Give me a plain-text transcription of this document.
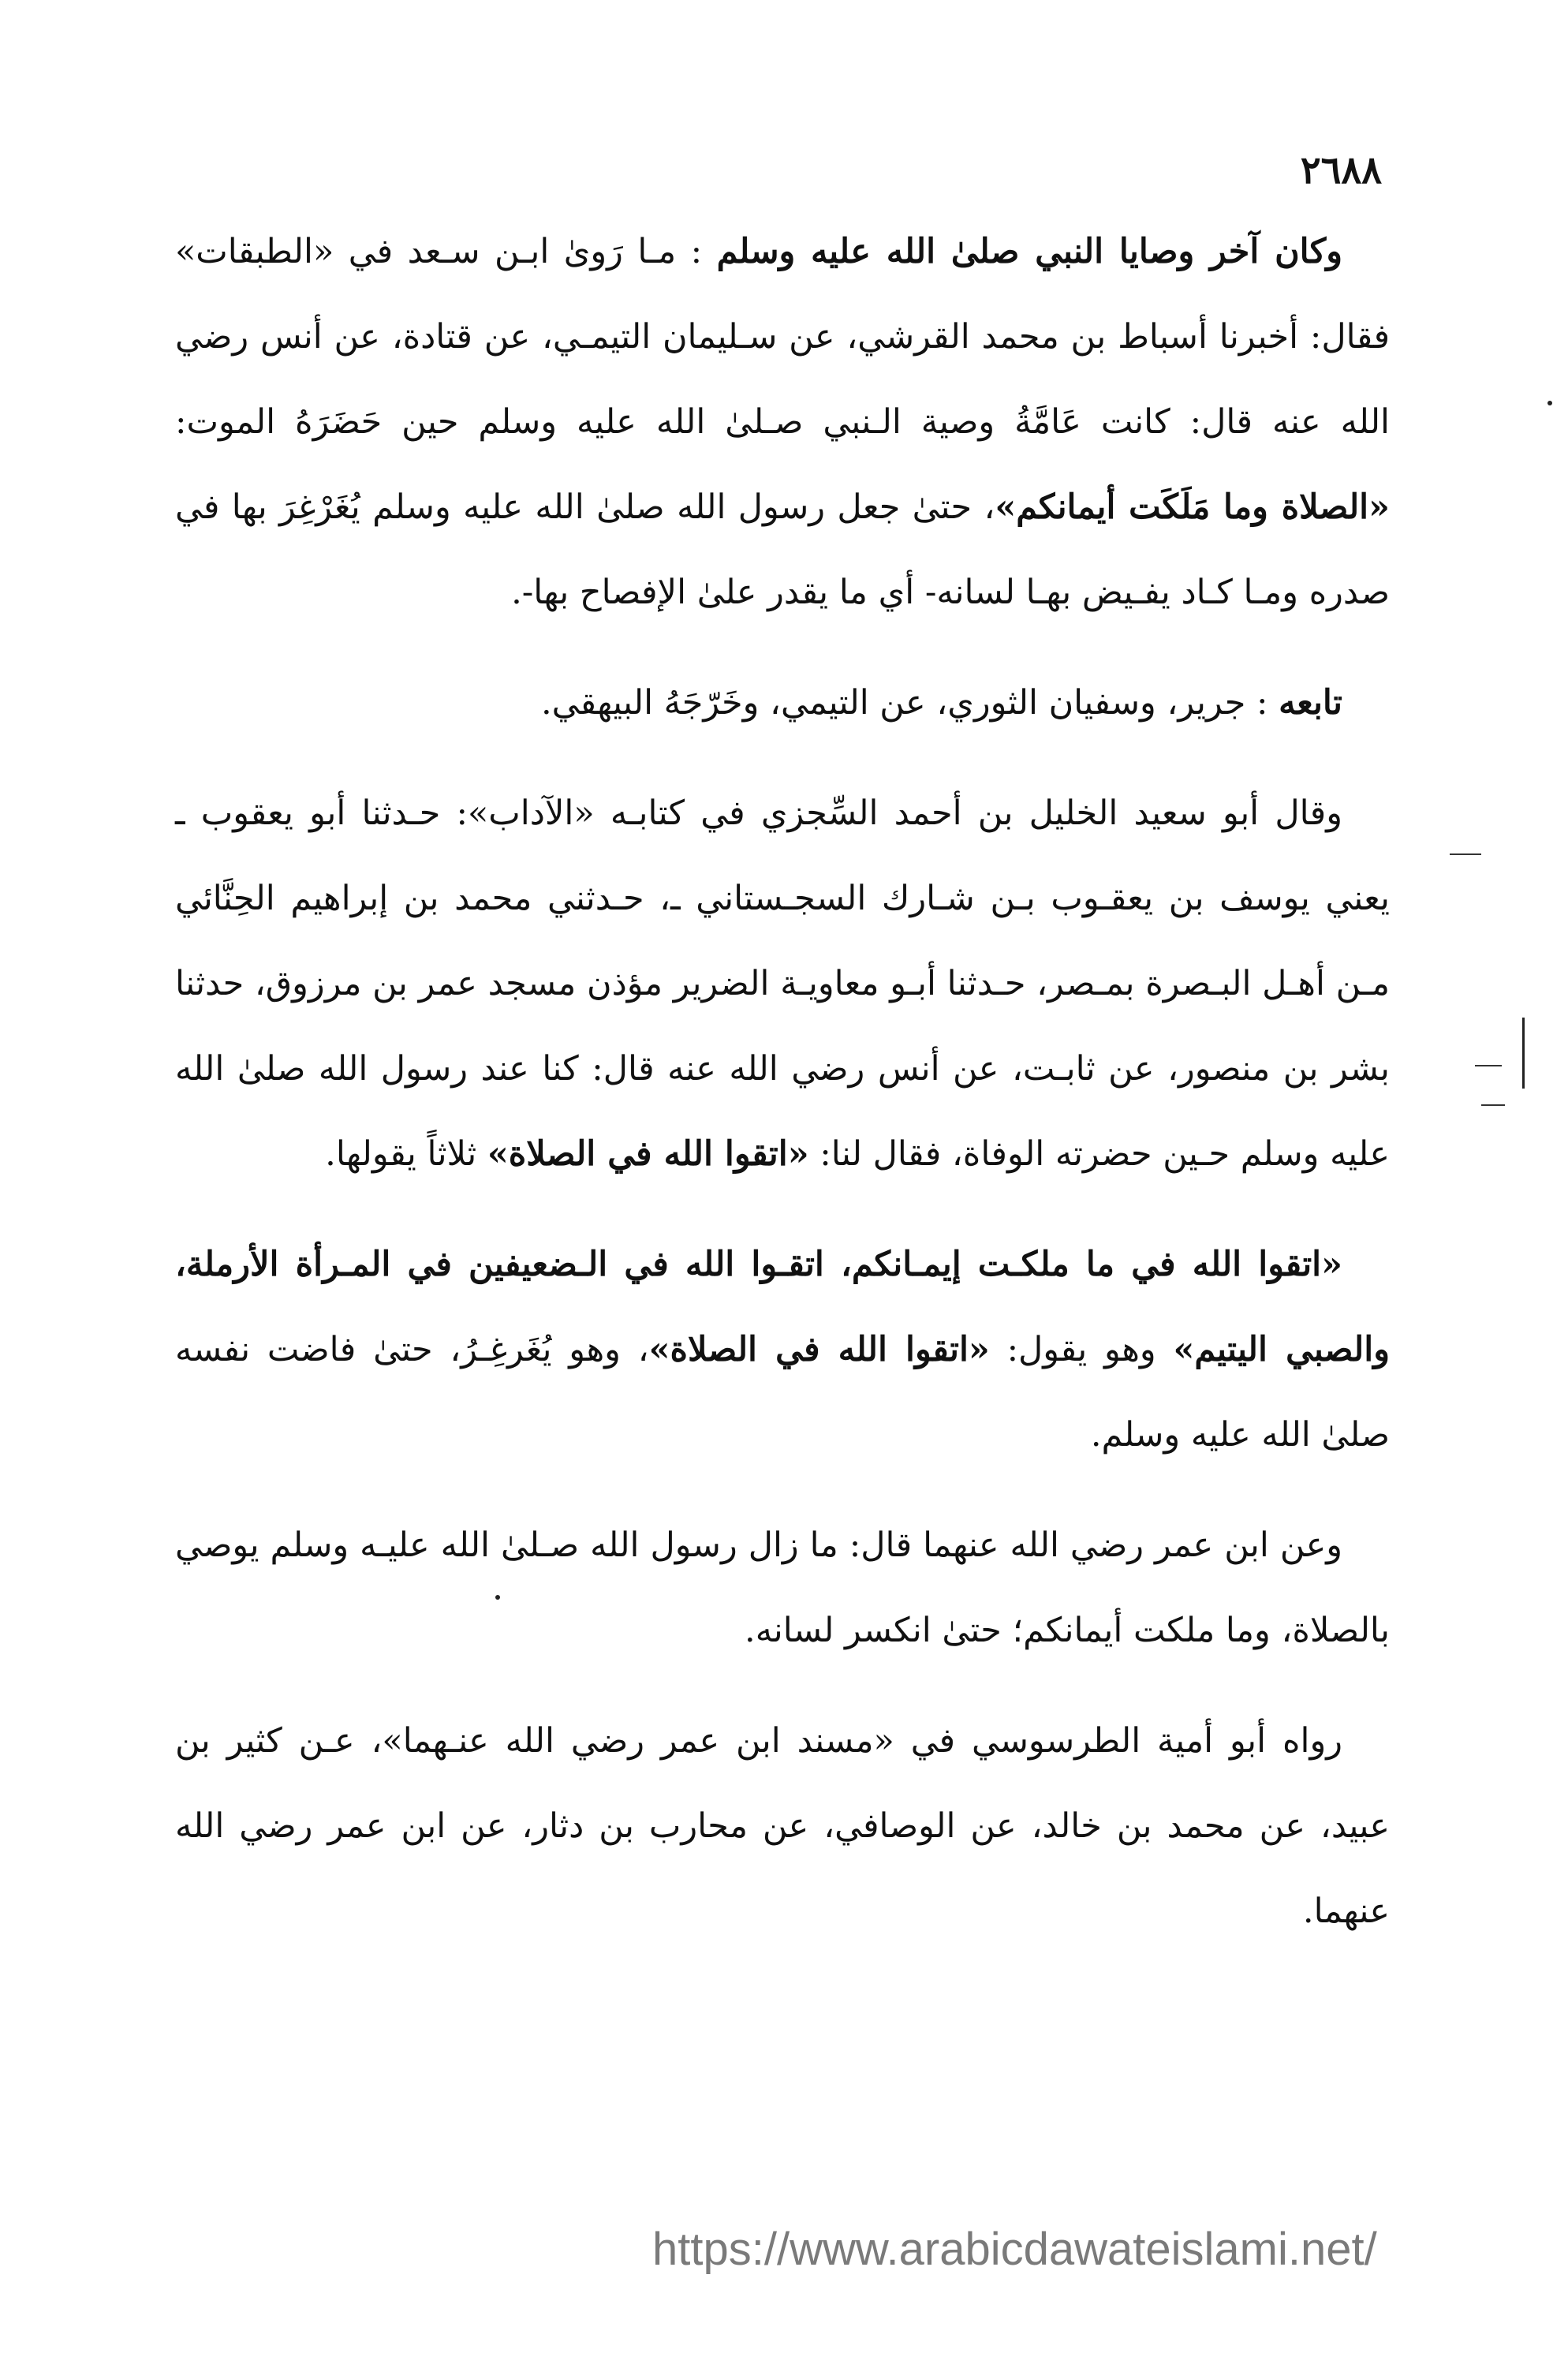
٢٦٨٨

وكان آخر وصايا النبي صلىٰ الله عليه وسلم : مـا رَوىٰ ابـن سـعد في «الطبقات» فقال: أخبرنا أسباط بن محمد القرشي، عن سـليمان التيمـي، عن قتادة، عن أنس رضي الله عنه قال: كانت عَامَّةُ وصية الـنبي صـلىٰ الله عليه وسلم حين حَضَرَهُ الموت: «الصلاة وما مَلَكَت أيمانكم»، حتىٰ جعل رسول الله صلىٰ الله عليه وسلم يُغَرْغِرَ بها في صدره ومـا كـاد يفـيض بهـا لسانه- أي ما يقدر علىٰ الإفصاح بها-.

تابعه : جرير، وسفيان الثوري، عن التيمي، وخَرّجَهُ البيهقي.

وقال أبو سعيد الخليل بن أحمد السِّجزي في كتابـه «الآداب»: حـدثنا أبو يعقوب ـ يعني يوسف بن يعقـوب بـن شـارك السجـستاني ـ، حـدثني محمد بن إبراهيم الحِنَّائي مـن أهـل البـصرة بمـصر، حـدثنا أبـو معاويـة الضرير مؤذن مسجد عمر بن مرزوق، حدثنا بشر بن منصور، عن ثابـت، عن أنس رضي الله عنه قال: كنا عند رسول الله صلىٰ الله عليه وسلم حـين حضرته الوفاة، فقال لنا: «اتقوا الله في الصلاة» ثلاثاً يقولها.

«اتقوا الله في ما ملكـت إيمـانكم، اتقـوا الله في الـضعيفين في المـرأة الأرملة، والصبي اليتيم» وهو يقول: «اتقوا الله في الصلاة»، وهو يُغَرغِـرُ، حتىٰ فاضت نفسه صلىٰ الله عليه وسلم.

وعن ابن عمر رضي الله عنهما قال: ما زال رسول الله صـلىٰ الله عليـه وسلم يوصي بالصلاة، وما ملكت أيمانكم؛ حتىٰ انكسر لسانه.

رواه أبو أمية الطرسوسي في «مسند ابن عمر رضي الله عنـهما»، عـن كثير بن عبيد، عن محمد بن خالد، عن الوصافي، عن محارب بن دثار، عن ابن عمر رضي الله عنهما.

https://www.arabicdawateislami.net/
